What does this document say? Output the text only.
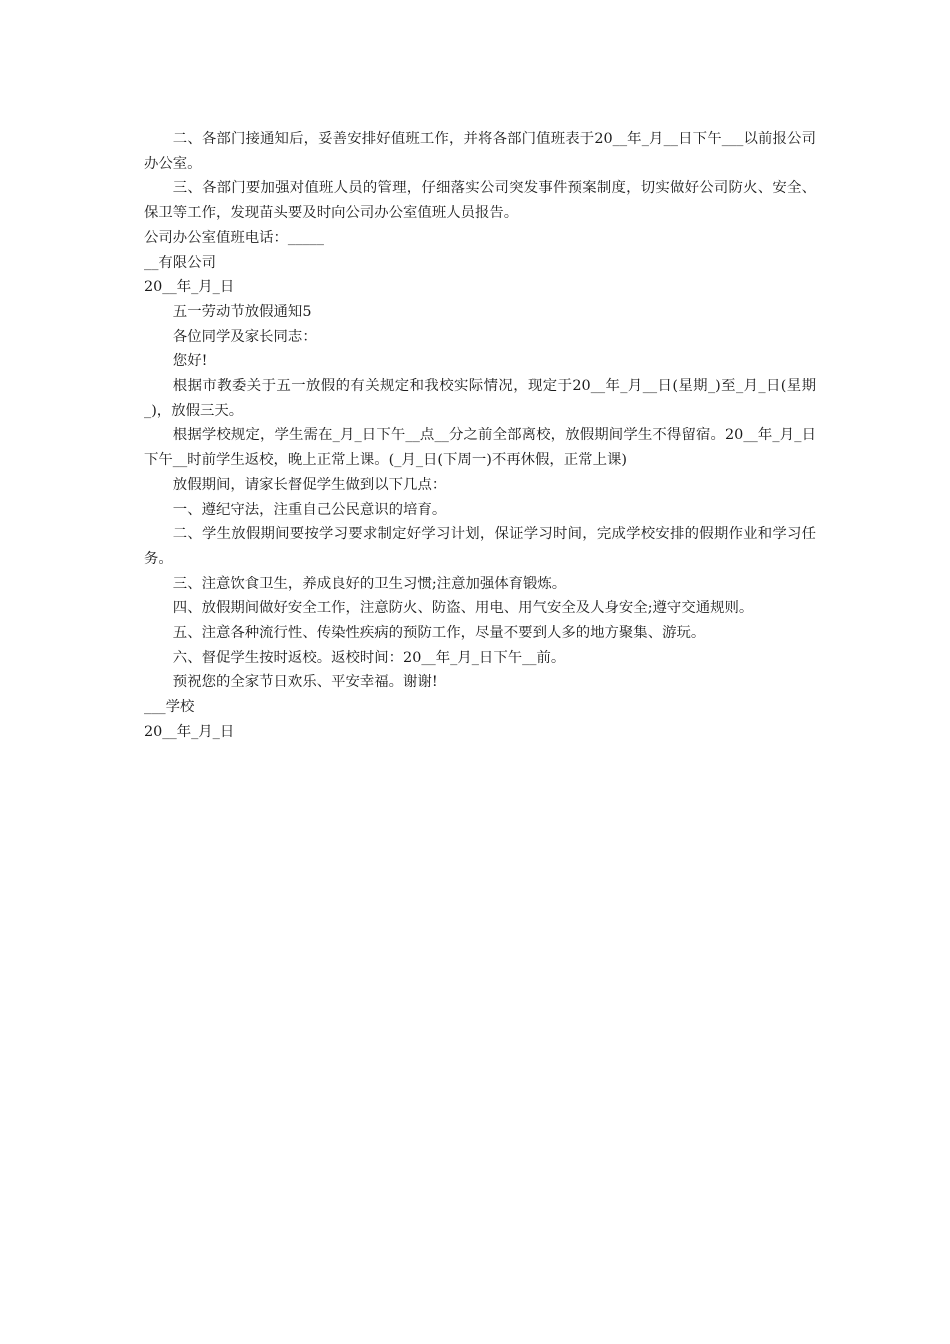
二、各部门接通知后，妥善安排好值班工作，并将各部门值班表于20__年_月__日下午___以前报公司办公室。

三、各部门要加强对值班人员的管理，仔细落实公司突发事件预案制度，切实做好公司防火、安全、保卫等工作，发现苗头要及时向公司办公室值班人员报告。

公司办公室值班电话：_____

__有限公司

20__年_月_日

五一劳动节放假通知5

各位同学及家长同志：

您好!

根据市教委关于五一放假的有关规定和我校实际情况，现定于20__年_月__日(星期_)至_月_日(星期_)，放假三天。

根据学校规定，学生需在_月_日下午__点__分之前全部离校，放假期间学生不得留宿。20__年_月_日下午__时前学生返校，晚上正常上课。(_月_日(下周一)不再休假，正常上课)

放假期间，请家长督促学生做到以下几点：

一、遵纪守法，注重自己公民意识的培育。

二、学生放假期间要按学习要求制定好学习计划，保证学习时间，完成学校安排的假期作业和学习任务。

三、注意饮食卫生，养成良好的卫生习惯;注意加强体育锻炼。

四、放假期间做好安全工作，注意防火、防盗、用电、用气安全及人身安全;遵守交通规则。

五、注意各种流行性、传染性疾病的预防工作，尽量不要到人多的地方聚集、游玩。

六、督促学生按时返校。返校时间：20__年_月_日下午__前。

预祝您的全家节日欢乐、平安幸福。谢谢!

___学校

20__年_月_日
